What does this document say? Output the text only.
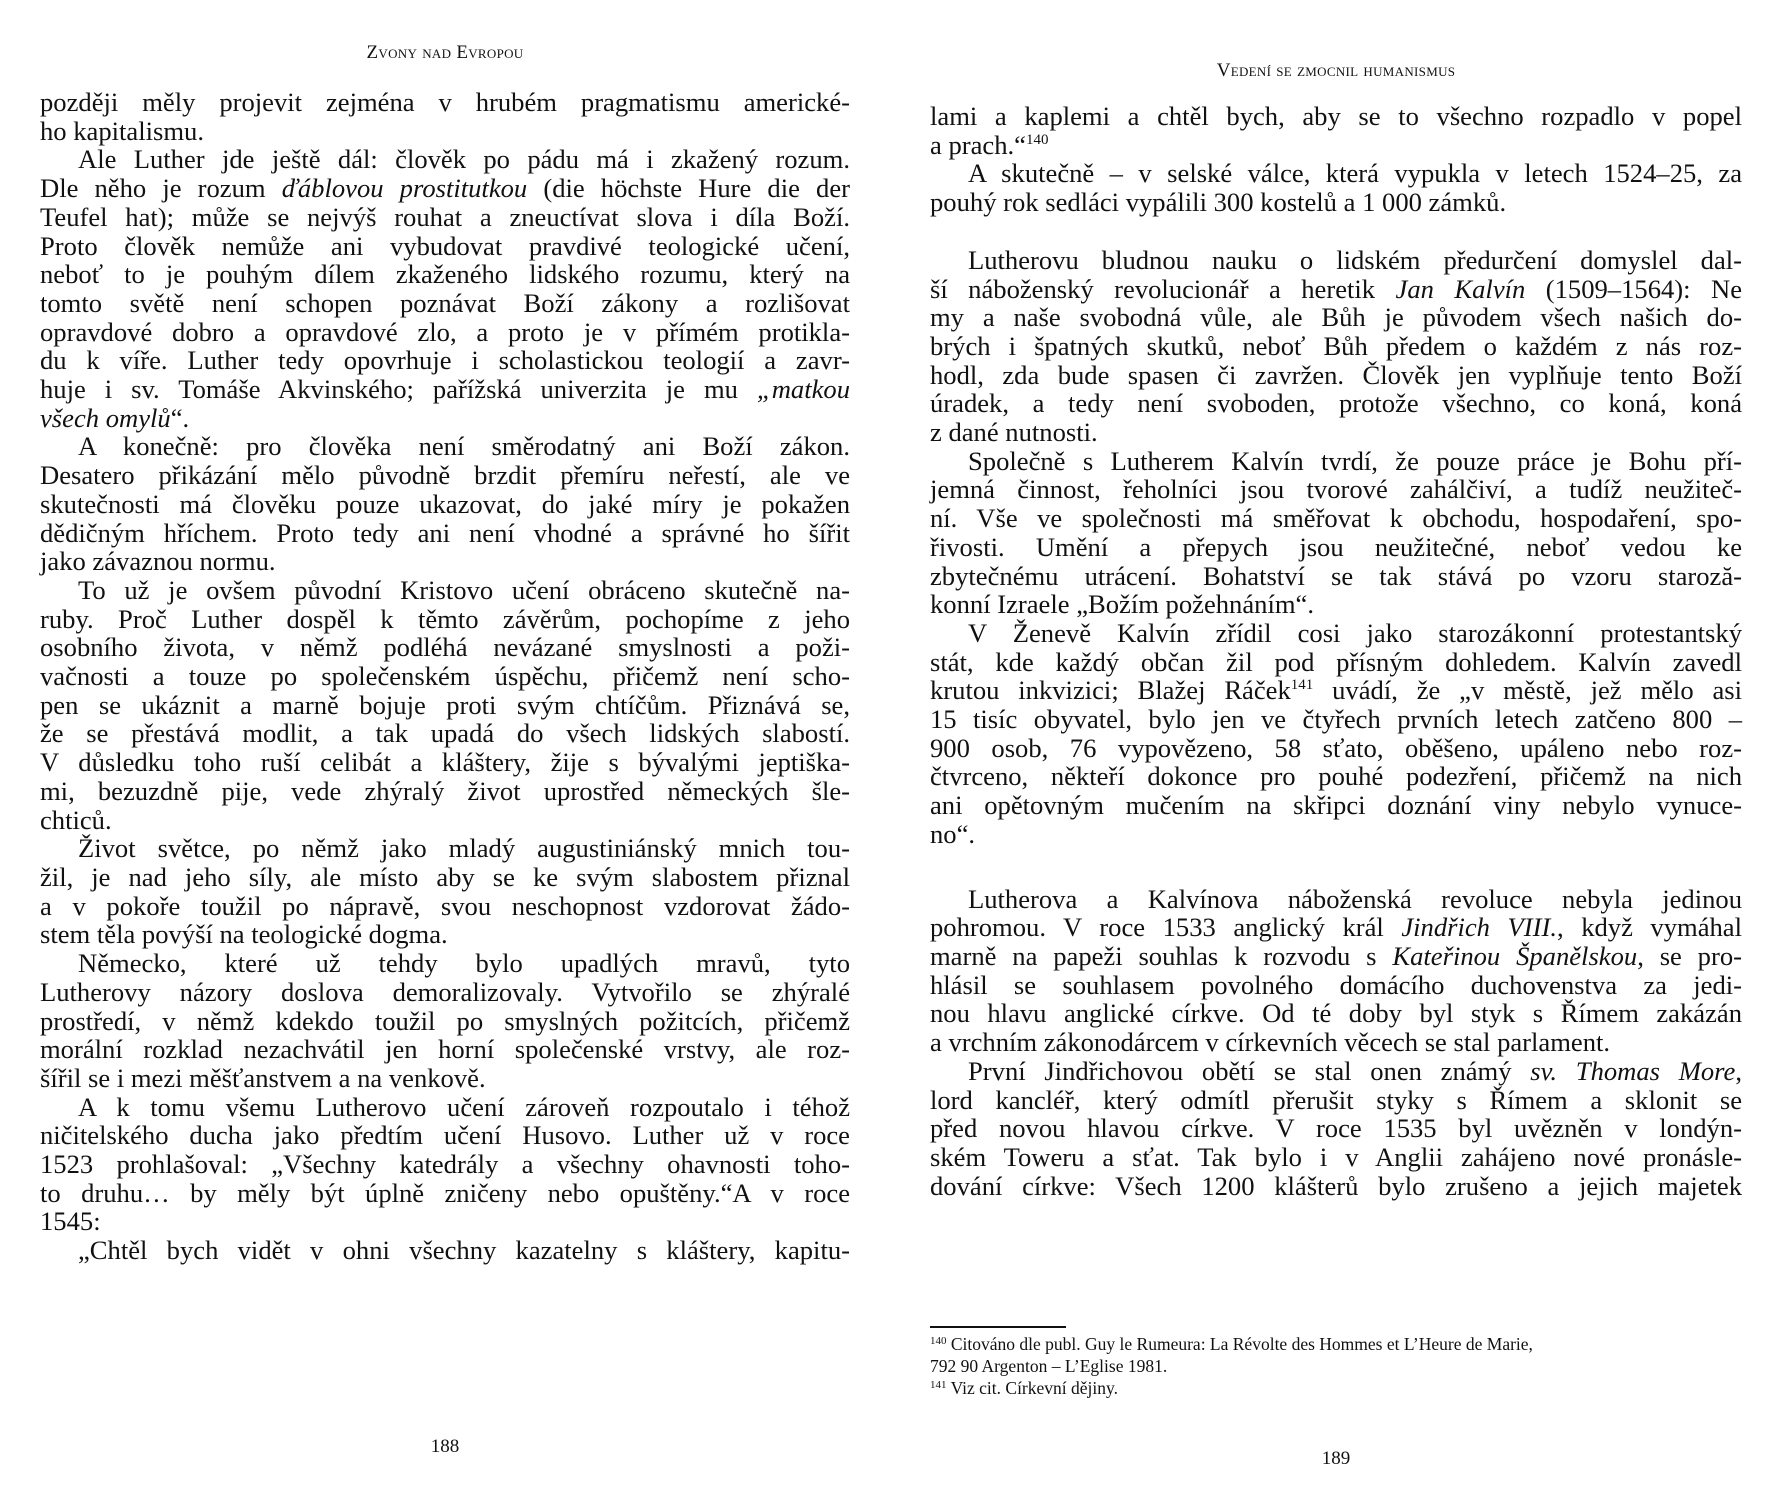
Zvony nad Evropou

později měly projevit zejména v hrubém pragmatismu americké-
ho kapitalismu.

Ale Luther jde ještě dál: člověk po pádu má i zkažený rozum.
Dle něho je rozum ďáblovou prostitutkou (die höchste Hure die der
Teufel hat); může se nejvýš rouhat a zneuctívat slova i díla Boží.
Proto člověk nemůže ani vybudovat pravdivé teologické učení,
neboť to je pouhým dílem zkaženého lidského rozumu, který na
tomto světě není schopen poznávat Boží zákony a rozlišovat
opravdové dobro a opravdové zlo, a proto je v přímém protikla-
du k víře. Luther tedy opovrhuje i scholastickou teologií a zavr-
huje i sv. Tomáše Akvinského; pařížská univerzita je mu „matkou
všech omylů“.

A konečně: pro člověka není směrodatný ani Boží zákon.
Desatero přikázání mělo původně brzdit přemíru neřestí, ale ve
skutečnosti má člověku pouze ukazovat, do jaké míry je pokažen
dědičným hříchem. Proto tedy ani není vhodné a správné ho šířit
jako závaznou normu.

To už je ovšem původní Kristovo učení obráceno skutečně na-
ruby. Proč Luther dospěl k těmto závěrům, pochopíme z jeho
osobního života, v němž podléhá nevázané smyslnosti a poži-
vačnosti a touze po společenském úspěchu, přičemž není scho-
pen se ukáznit a marně bojuje proti svým chtíčům. Přiznává se,
že se přestává modlit, a tak upadá do všech lidských slabostí.
V důsledku toho ruší celibát a kláštery, žije s bývalými jeptiška-
mi, bezuzdně pije, vede zhýralý život uprostřed německých šle-
chticů.

Život světce, po němž jako mladý augustiniánský mnich tou-
žil, je nad jeho síly, ale místo aby se ke svým slabostem přiznal
a v pokoře toužil po nápravě, svou neschopnost vzdorovat žádo-
stem těla povýší na teologické dogma.

Německo, které už tehdy bylo upadlých mravů, tyto
Lutherovy názory doslova demoralizovaly. Vytvořilo se zhýralé
prostředí, v němž kdekdo toužil po smyslných požitcích, přičemž
morální rozklad nezachvátil jen horní společenské vrstvy, ale roz-
šířil se i mezi měšťanstvem a na venkově.

A k tomu všemu Lutherovo učení zároveň rozpoutalo i téhož
ničitelského ducha jako předtím učení Husovo. Luther už v roce
1523 prohlašoval: „Všechny katedrály a všechny ohavnosti toho-
to druhu… by měly být úplně zničeny nebo opuštěny.“A v roce
1545:

„Chtěl bych vidět v ohni všechny kazatelny s kláštery, kapitu-

188
Vedení se zmocnil humanismus

lami a kaplemi a chtěl bych, aby se to všechno rozpadlo v popel
a prach.“$^{140}$

A skutečně – v selské válce, která vypukla v letech 1524–25, za
pouhý rok sedláci vypálili 300 kostelů a 1 000 zámků.

Lutherovu bludnou nauku o lidském předurčení domyslel dal-
ší náboženský revolucionář a heretik Jan Kalvín (1509–1564): Ne
my a naše svobodná vůle, ale Bůh je původem všech našich do-
brých i špatných skutků, neboť Bůh předem o každém z nás roz-
hodl, zda bude spasen či zavržen. Člověk jen vyplňuje tento Boží
úradek, a tedy není svoboden, protože všechno, co koná, koná
z dané nutnosti.

Společně s Lutherem Kalvín tvrdí, že pouze práce je Bohu pří-
jemná činnost, řeholníci jsou tvorové zahálčiví, a tudíž neužiteč-
ní. Vše ve společnosti má směřovat k obchodu, hospodaření, spo-
řivosti. Umění a přepych jsou neužitečné, neboť vedou ke
zbytečnému utrácení. Bohatství se tak stává po vzoru staroză-
konní Izraele „Božím požehnáním“.

V Ženevě Kalvín zřídil cosi jako starozákonní protestantský
stát, kde každý občan žil pod přísným dohledem. Kalvín zavedl
krutou inkvizici; Blažej Ráček$^{141}$ uvádí, že „v městě, jež mělo asi
15 tisíc obyvatel, bylo jen ve čtyřech prvních letech zatčeno 800 –
900 osob, 76 vypovězeno, 58 sťato, oběšeno, upáleno nebo roz-
čtvrceno, někteří dokonce pro pouhé podezření, přičemž na nich
ani opětovným mučením na skřipci doznání viny nebylo vynuce-
no“.

Lutherova a Kalvínova náboženská revoluce nebyla jedinou
pohromou. V roce 1533 anglický král Jindřich VIII., když vymáhal
marně na papeži souhlas k rozvodu s Kateřinou Španělskou, se pro-
hlásil se souhlasem povolného domácího duchovenstva za jedi-
nou hlavu anglické církve. Od té doby byl styk s Římem zakázán
a vrchním zákonodárcem v církevních věcech se stal parlament.

První Jindřichovou obětí se stal onen známý sv. Thomas More,
lord kancléř, který odmítl přerušit styky s Římem a sklonit se
před novou hlavou církve. V roce 1535 byl uvězněn v londýn-
ském Toweru a sťat. Tak bylo i v Anglii zahájeno nové pronásle-
dování církve: Všech 1200 klášterů bylo zrušeno a jejich majetek

$^{140}$ Citováno dle publ. Guy le Rumeura: La Révolte des Hommes et L’Heure de Marie,
792 90 Argenton – L’Eglise 1981.
$^{141}$ Viz cit. Církevní dějiny.
189
